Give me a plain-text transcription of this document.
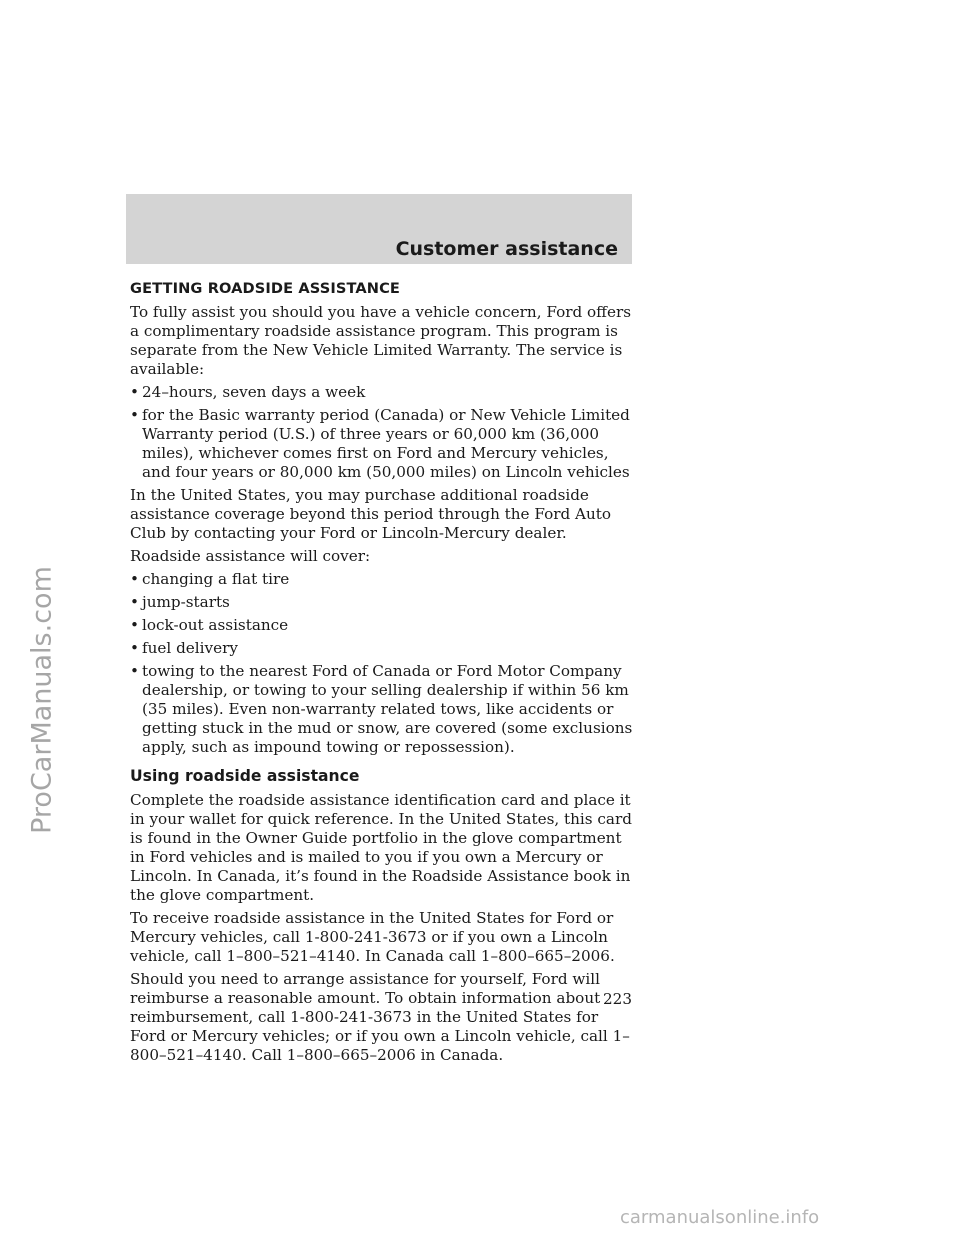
Customer assistance
GETTING ROADSIDE ASSISTANCE

To fully assist you should you have a vehicle concern, Ford offers a complimentary roadside assistance program. This program is separate from the New Vehicle Limited Warranty. The service is available:

• 24–hours, seven days a week
• for the Basic warranty period (Canada) or New Vehicle Limited Warranty period (U.S.) of three years or 60,000 km (36,000 miles), whichever comes first on Ford and Mercury vehicles, and four years or 80,000 km (50,000 miles) on Lincoln vehicles

In the United States, you may purchase additional roadside assistance coverage beyond this period through the Ford Auto Club by contacting your Ford or Lincoln-Mercury dealer.

Roadside assistance will cover:

• changing a flat tire
• jump-starts
• lock-out assistance
• fuel delivery
• towing to the nearest Ford of Canada or Ford Motor Company dealership, or towing to your selling dealership if within 56 km (35 miles). Even non-warranty related tows, like accidents or getting stuck in the mud or snow, are covered (some exclusions apply, such as impound towing or repossession).
Using roadside assistance

Complete the roadside assistance identification card and place it in your wallet for quick reference. In the United States, this card is found in the Owner Guide portfolio in the glove compartment in Ford vehicles and is mailed to you if you own a Mercury or Lincoln. In Canada, it’s found in the Roadside Assistance book in the glove compartment.

To receive roadside assistance in the United States for Ford or Mercury vehicles, call 1-800-241-3673 or if you own a Lincoln vehicle, call 1–800–521–4140. In Canada call 1–800–665–2006.

Should you need to arrange assistance for yourself, Ford will reimburse a reasonable amount. To obtain information about reimbursement, call 1-800-241-3673 in the United States for Ford or Mercury vehicles; or if you own a Lincoln vehicle, call 1–800–521–4140. Call 1–800–665–2006 in Canada.

223
ProCarManuals.com
carmanualsonline.info
